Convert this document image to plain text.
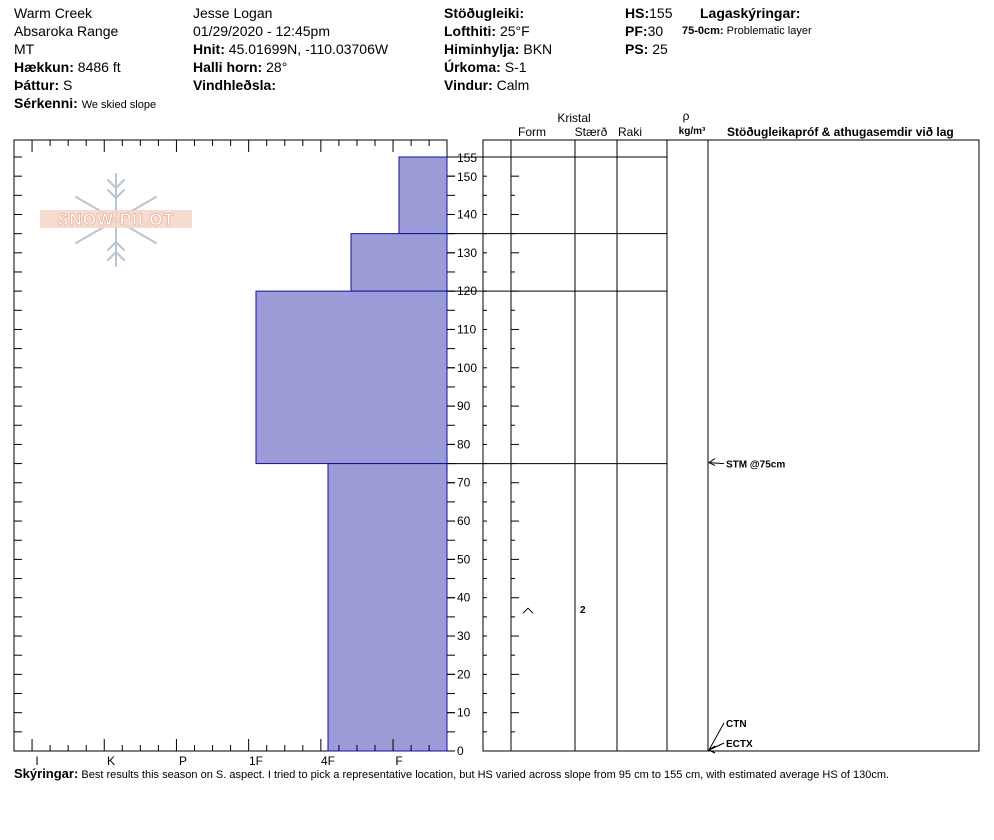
Warm Creek
Absaroka Range
MT
Hækkun: 8486 ft
Þáttur: S
Sérkenni: We skied slope
Jesse Logan
01/29/2020 - 12:45pm
Hnit: 45.01699N, -110.03706W
Halli horn: 28°
Vindhleðsla:
Stöðugleiki:
Lofthiti: 25°F
Himinhylja: BKN
Úrkoma: S-1
Vindur: Calm
HS:155
PF:30
PS: 25
Lagaskýringar:
75-0cm: Problematic layer
SNOW PILOT
I	K	P	1F	4F	F
0
10
20
30
40
50
60
70
80
90
100
110
120
130
140
150
155
2
STM @75cm
CTN
ECTX
Kristal
Form Stærð Raki
ρ
kg/m³ Stöðugleikapróf & athugasemdir við lag
Skýringar: Best results this season on S. aspect. I tried to pick a representative location, but HS varied across slope from 95 cm to 155 cm, with estimated average HS of 130cm.
